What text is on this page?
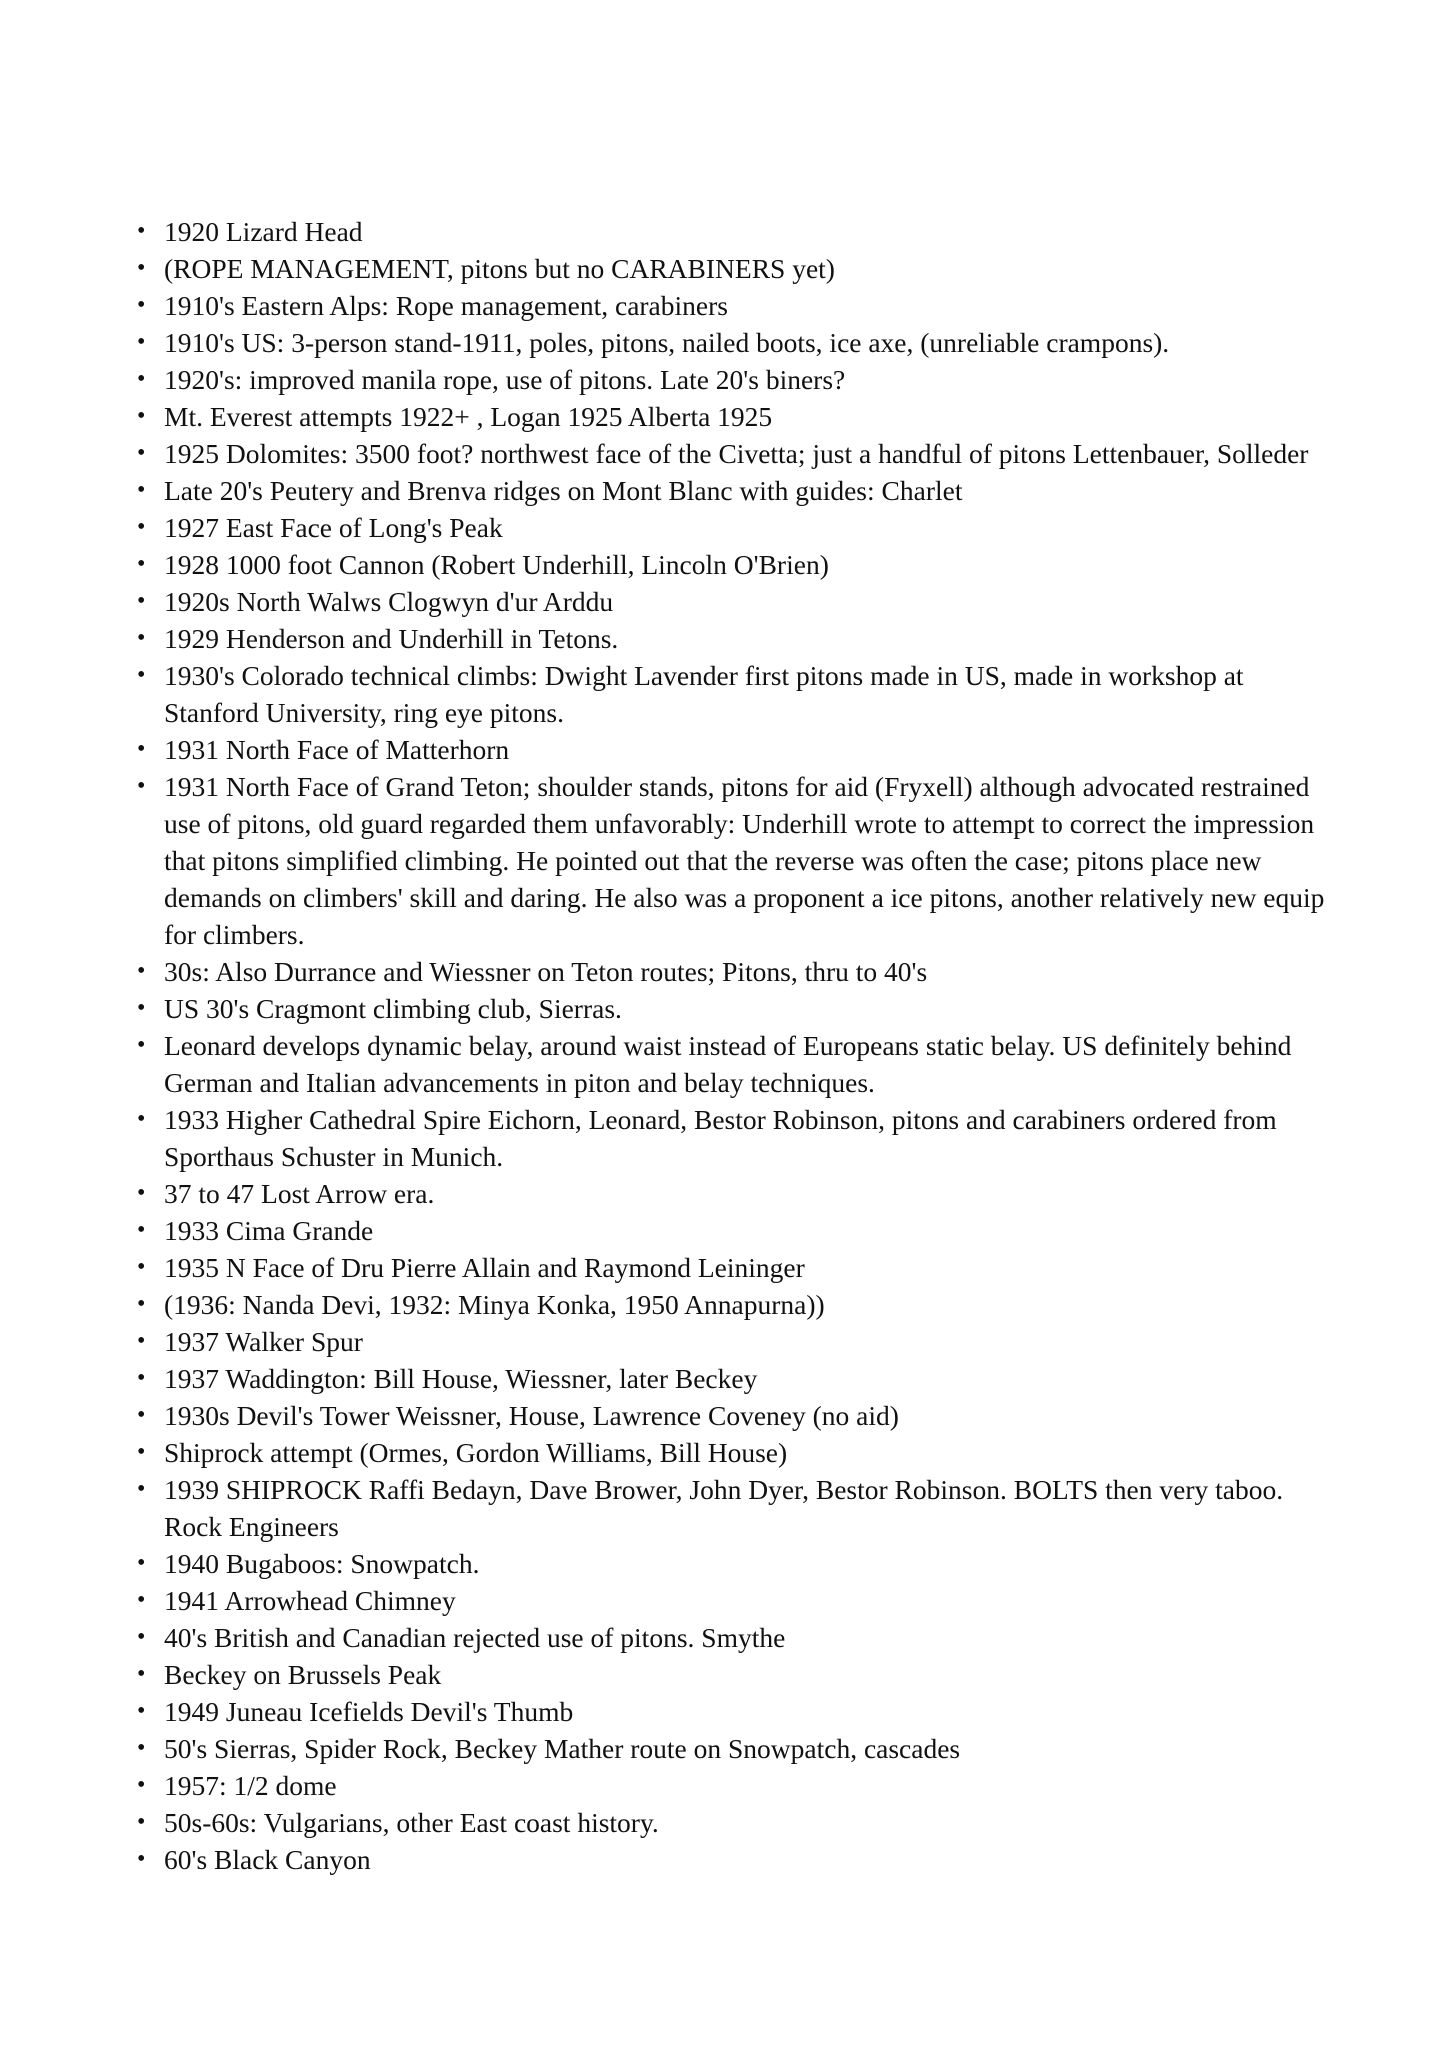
• 1920 Lizard Head
• (ROPE MANAGEMENT, pitons but no CARABINERS yet)
• 1910's Eastern Alps: Rope management, carabiners
• 1910's US: 3-person stand-1911, poles, pitons, nailed boots, ice axe, (unreliable crampons).
• 1920's: improved manila rope, use of pitons. Late 20's biners?
• Mt. Everest attempts 1922+ , Logan 1925 Alberta 1925
• 1925 Dolomites: 3500 foot? northwest face of the Civetta; just a handful of pitons Lettenbauer, Solleder
• Late 20's Peutery and Brenva ridges on Mont Blanc with guides: Charlet
• 1927 East Face of Long's Peak
• 1928 1000 foot Cannon (Robert Underhill, Lincoln O'Brien)
• 1920s North Walws Clogwyn d'ur Arddu
• 1929 Henderson and Underhill in Tetons.
• 1930's Colorado technical climbs: Dwight Lavender first pitons made in US, made in workshop at Stanford University, ring eye pitons.
• 1931 North Face of Matterhorn
• 1931 North Face of Grand Teton; shoulder stands, pitons for aid (Fryxell) although advocated restrained use of pitons, old guard regarded them unfavorably: Underhill wrote to attempt to correct the impression that pitons simplified climbing. He pointed out that the reverse was often the case; pitons place new demands on climbers' skill and daring. He also was a proponent a ice pitons, another relatively new equip for climbers.
• 30s: Also Durrance and Wiessner on Teton routes; Pitons, thru to 40's
• US 30's Cragmont climbing club, Sierras.
• Leonard develops dynamic belay, around waist instead of Europeans static belay. US definitely behind German and Italian advancements in piton and belay techniques.
• 1933 Higher Cathedral Spire Eichorn, Leonard, Bestor Robinson, pitons and carabiners ordered from Sporthaus Schuster in Munich.
• 37 to 47 Lost Arrow era.
• 1933 Cima Grande
• 1935 N Face of Dru Pierre Allain and Raymond Leininger
• (1936: Nanda Devi, 1932: Minya Konka, 1950 Annapurna))
• 1937 Walker Spur
• 1937 Waddington: Bill House, Wiessner, later Beckey
• 1930s Devil's Tower Weissner, House, Lawrence Coveney (no aid)
• Shiprock attempt (Ormes, Gordon Williams, Bill House)
• 1939 SHIPROCK Raffi Bedayn, Dave Brower, John Dyer, Bestor Robinson. BOLTS then very taboo. Rock Engineers
• 1940 Bugaboos: Snowpatch.
• 1941 Arrowhead Chimney
• 40's British and Canadian rejected use of pitons. Smythe
• Beckey on Brussels Peak
• 1949 Juneau Icefields Devil's Thumb
• 50's Sierras, Spider Rock, Beckey Mather route on Snowpatch, cascades
• 1957: 1/2 dome
• 50s-60s: Vulgarians, other East coast history.
• 60's Black Canyon
